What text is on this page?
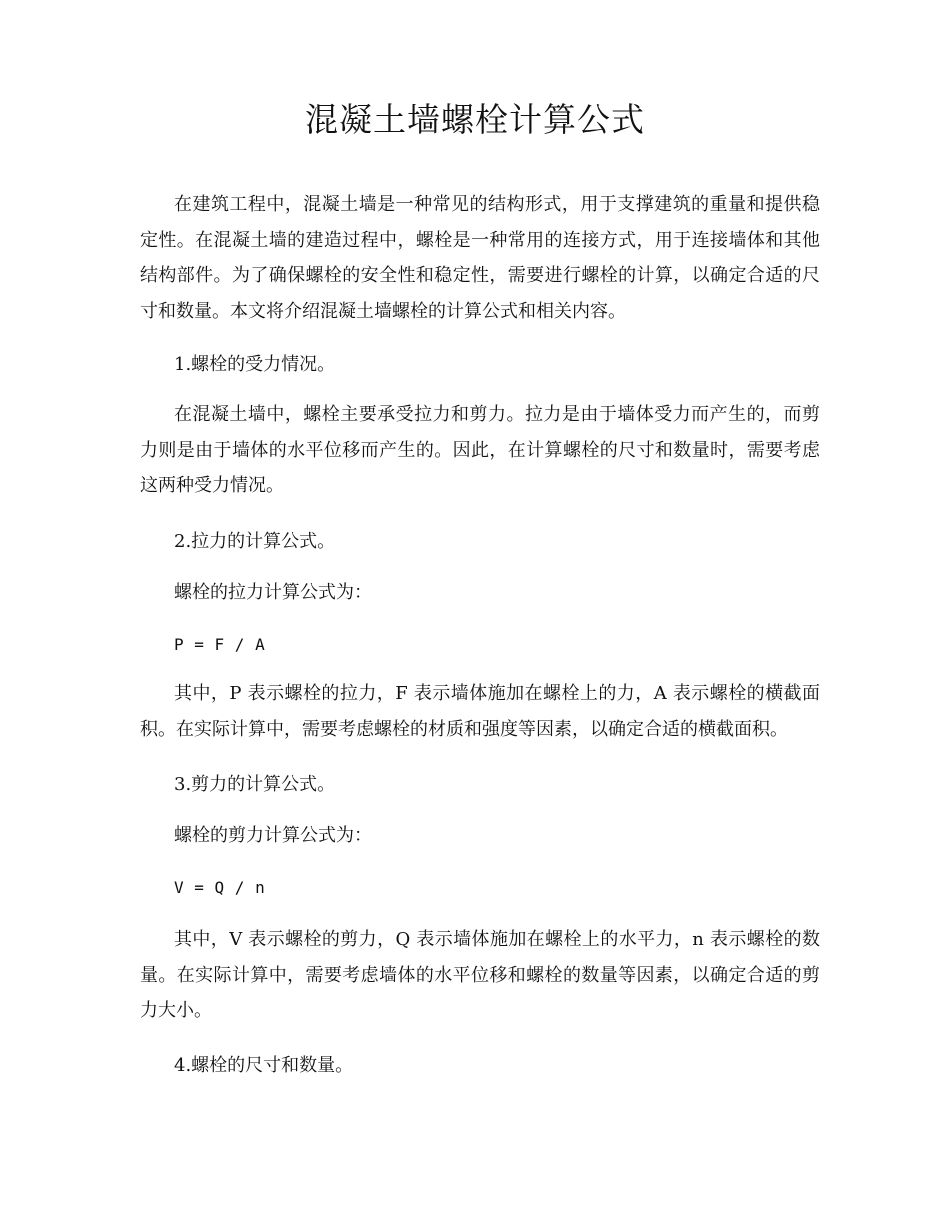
混凝土墙螺栓计算公式

在建筑工程中，混凝土墙是一种常见的结构形式，用于支撑建筑的重量和提供稳定性。在混凝土墙的建造过程中，螺栓是一种常用的连接方式，用于连接墙体和其他结构部件。为了确保螺栓的安全性和稳定性，需要进行螺栓的计算，以确定合适的尺寸和数量。本文将介绍混凝土墙螺栓的计算公式和相关内容。

1.螺栓的受力情况。

在混凝土墙中，螺栓主要承受拉力和剪力。拉力是由于墙体受力而产生的，而剪力则是由于墙体的水平位移而产生的。因此，在计算螺栓的尺寸和数量时，需要考虑这两种受力情况。

2.拉力的计算公式。

螺栓的拉力计算公式为：

P = F / A

其中，P 表示螺栓的拉力，F 表示墙体施加在螺栓上的力，A 表示螺栓的横截面积。在实际计算中，需要考虑螺栓的材质和强度等因素，以确定合适的横截面积。

3.剪力的计算公式。

螺栓的剪力计算公式为：

V = Q / n

其中，V 表示螺栓的剪力，Q 表示墙体施加在螺栓上的水平力，n 表示螺栓的数量。在实际计算中，需要考虑墙体的水平位移和螺栓的数量等因素，以确定合适的剪力大小。

4.螺栓的尺寸和数量。
